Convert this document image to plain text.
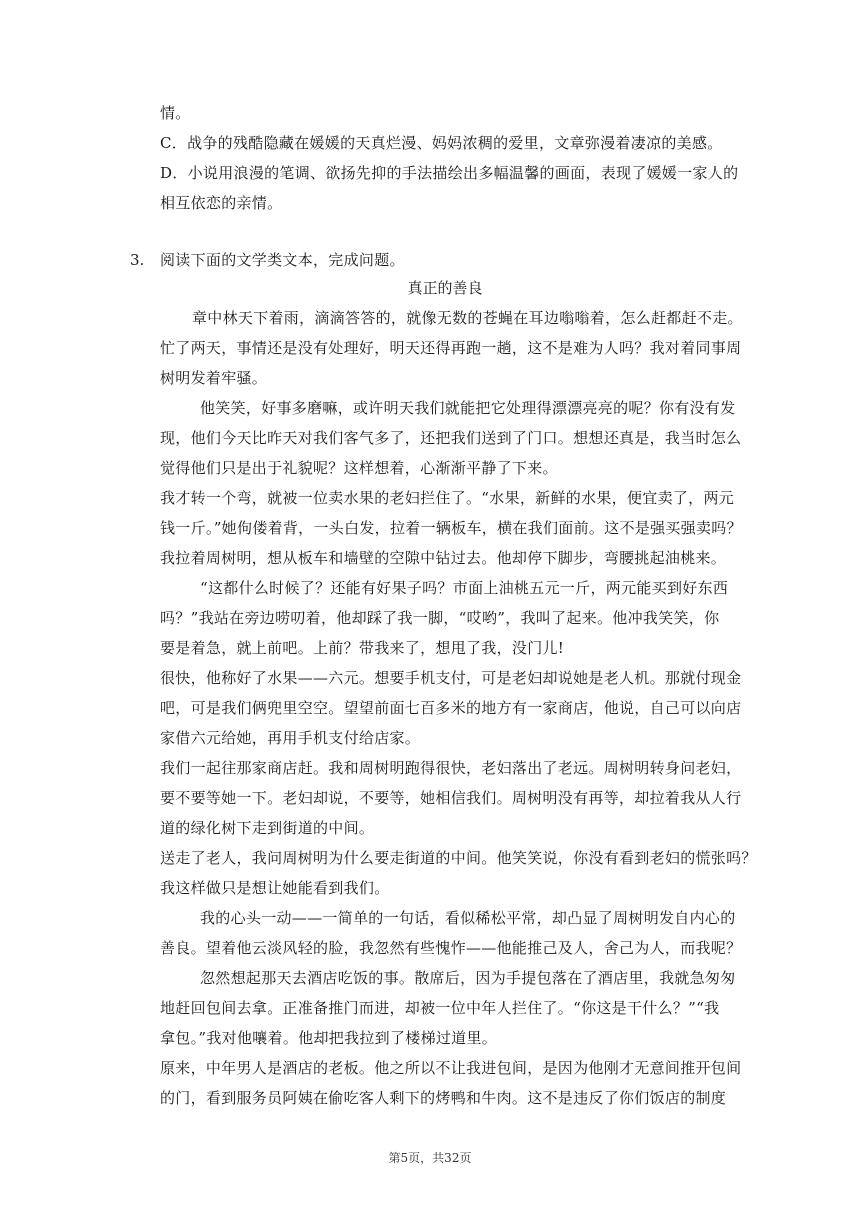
情。
C．战争的残酷隐藏在媛媛的天真烂漫、妈妈浓稠的爱里，文章弥漫着凄凉的美感。
D．小说用浪漫的笔调、欲扬先抑的手法描绘出多幅温馨的画面，表现了媛媛一家人的
相互依恋的亲情。
3. 阅读下面的文学类文本，完成问题。
真正的善良
章中林天下着雨，滴滴答答的，就像无数的苍蝇在耳边嗡嗡着，怎么赶都赶不走。
忙了两天，事情还是没有处理好，明天还得再跑一趟，这不是难为人吗？我对着同事周
树明发着牢骚。
他笑笑，好事多磨嘛，或许明天我们就能把它处理得漂漂亮亮的呢？你有没有发
现，他们今天比昨天对我们客气多了，还把我们送到了门口。想想还真是，我当时怎么
觉得他们只是出于礼貌呢？这样想着，心渐渐平静了下来。
我才转一个弯，就被一位卖水果的老妇拦住了。“水果，新鲜的水果，便宜卖了，两元
钱一斤。”她佝偻着背，一头白发，拉着一辆板车，横在我们面前。这不是强买强卖吗？
我拉着周树明，想从板车和墙壁的空隙中钻过去。他却停下脚步，弯腰挑起油桃来。
“这都什么时候了？还能有好果子吗？市面上油桃五元一斤，两元能买到好东西
吗？”我站在旁边唠叨着，他却踩了我一脚，“哎哟”，我叫了起来。他冲我笑笑，你
要是着急，就上前吧。上前？带我来了，想甩了我，没门儿!
很快，他称好了水果——六元。想要手机支付，可是老妇却说她是老人机。那就付现金
吧，可是我们俩兜里空空。望望前面七百多米的地方有一家商店，他说，自己可以向店
家借六元给她，再用手机支付给店家。
我们一起往那家商店赶。我和周树明跑得很快，老妇落出了老远。周树明转身问老妇，
要不要等她一下。老妇却说，不要等，她相信我们。周树明没有再等，却拉着我从人行
道的绿化树下走到街道的中间。
送走了老人，我问周树明为什么要走街道的中间。他笑笑说，你没有看到老妇的慌张吗？
我这样做只是想让她能看到我们。
我的心头一动——一简单的一句话，看似稀松平常，却凸显了周树明发自内心的
善良。望着他云淡风轻的脸，我忽然有些愧怍——他能推己及人，舍己为人，而我呢？
忽然想起那天去酒店吃饭的事。散席后，因为手提包落在了酒店里，我就急匆匆
地赶回包间去拿。正准备推门而进，却被一位中年人拦住了。“你这是干什么？”“我
拿包。”我对他嚷着。他却把我拉到了楼梯过道里。
原来，中年男人是酒店的老板。他之所以不让我进包间，是因为他刚才无意间推开包间
的门，看到服务员阿姨在偷吃客人剩下的烤鸭和牛肉。这不是违反了你们饭店的制度
第5页，共32页
